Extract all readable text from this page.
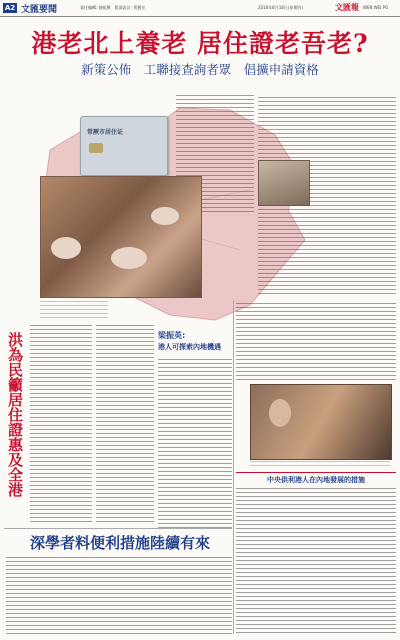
A2 文匯要聞	責任編輯: 陳振興　版面設計: 黃寶光	2016年8月18日(星期四)	文匯報 WEN WEI PO
港老北上養老 居住證老吾老?
新策公佈　工聯接查詢者眾　倡擴申請資格
常厥市居住证
洪為民籲居住證惠及全港	梁振英:
港人可探索內地機遇
中央供利港人在內地發展的措施
深學者料便利措施陸續有來
